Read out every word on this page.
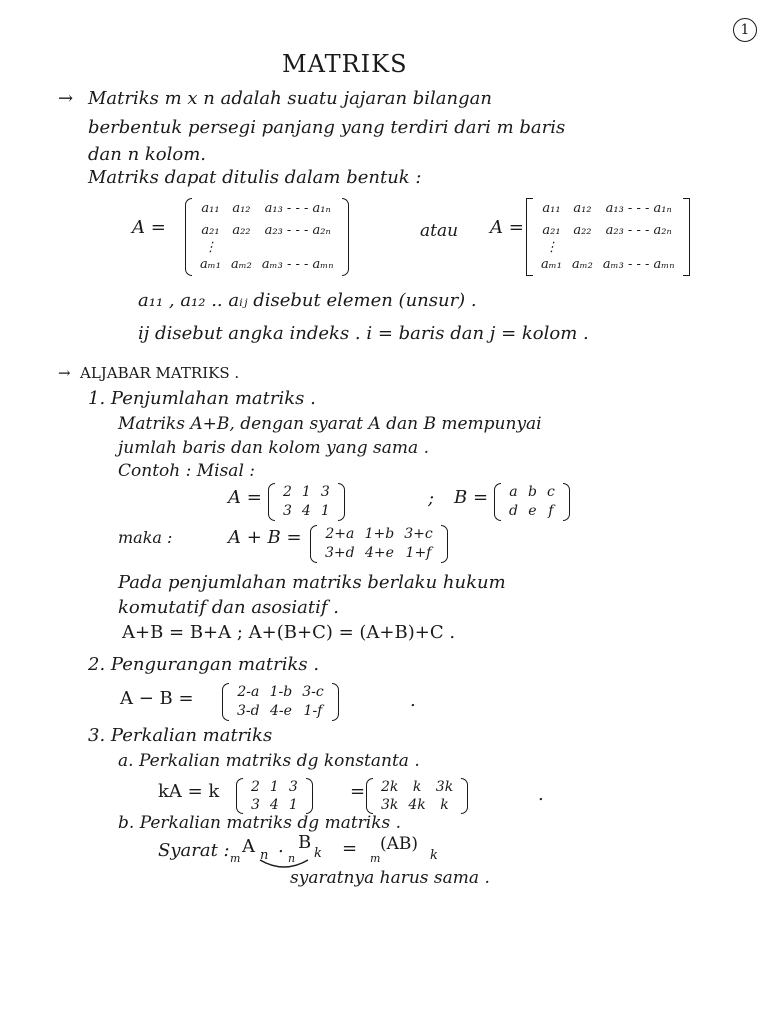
1
MATRIKS
→ Matriks m x n adalah suatu jajaran bilangan
berbentuk persegi panjang yang terdiri dari m baris
dan n kolom.
Matriks dapat ditulis dalam bentuk :
A =
a₁₁	a₁₂	a₁₃ - - - a₁ₙ
a₂₁	a₂₂	a₂₃ - - - a₂ₙ
⋮		
aₘ₁	aₘ₂	aₘ₃ - - - aₘₙ
atau A =
a₁₁	a₁₂	a₁₃ - - - a₁ₙ
a₂₁	a₂₂	a₂₃ - - - a₂ₙ
⋮		
aₘ₁	aₘ₂	aₘ₃ - - - aₘₙ
a₁₁ , a₁₂ .. aᵢⱼ disebut elemen (unsur) .
ij disebut angka indeks . i = baris dan j = kolom .
→ ALJABAR MATRIKS .
1. Penjumlahan matriks .
Matriks A+B, dengan syarat A dan B mempunyai
jumlah baris dan kolom yang sama .
Contoh : Misal :
A = 2	1	3
3	4	1
; B = a	b	c
d	e	f
maka :	A + B = 2+a	1+b	3+c
3+d	4+e	1+f
Pada penjumlahan matriks berlaku hukum
komutatif dan asosiatif .
A+B = B+A ; A+(B+C) = (A+B)+C .
2. Pengurangan matriks .
A − B =	2-a	1-b	3-c
3-d	4-e	1-f
.
3. Perkalian matriks
a. Perkalian matriks dg konstanta .
kA = k 2	1	3
3	4	1
= 2k	k	3k
3k	4k	k	.
b. Perkalian matriks dg matriks .
Syarat : m
A n .
n
B
k = m
(AB)
k
syaratnya harus sama .
